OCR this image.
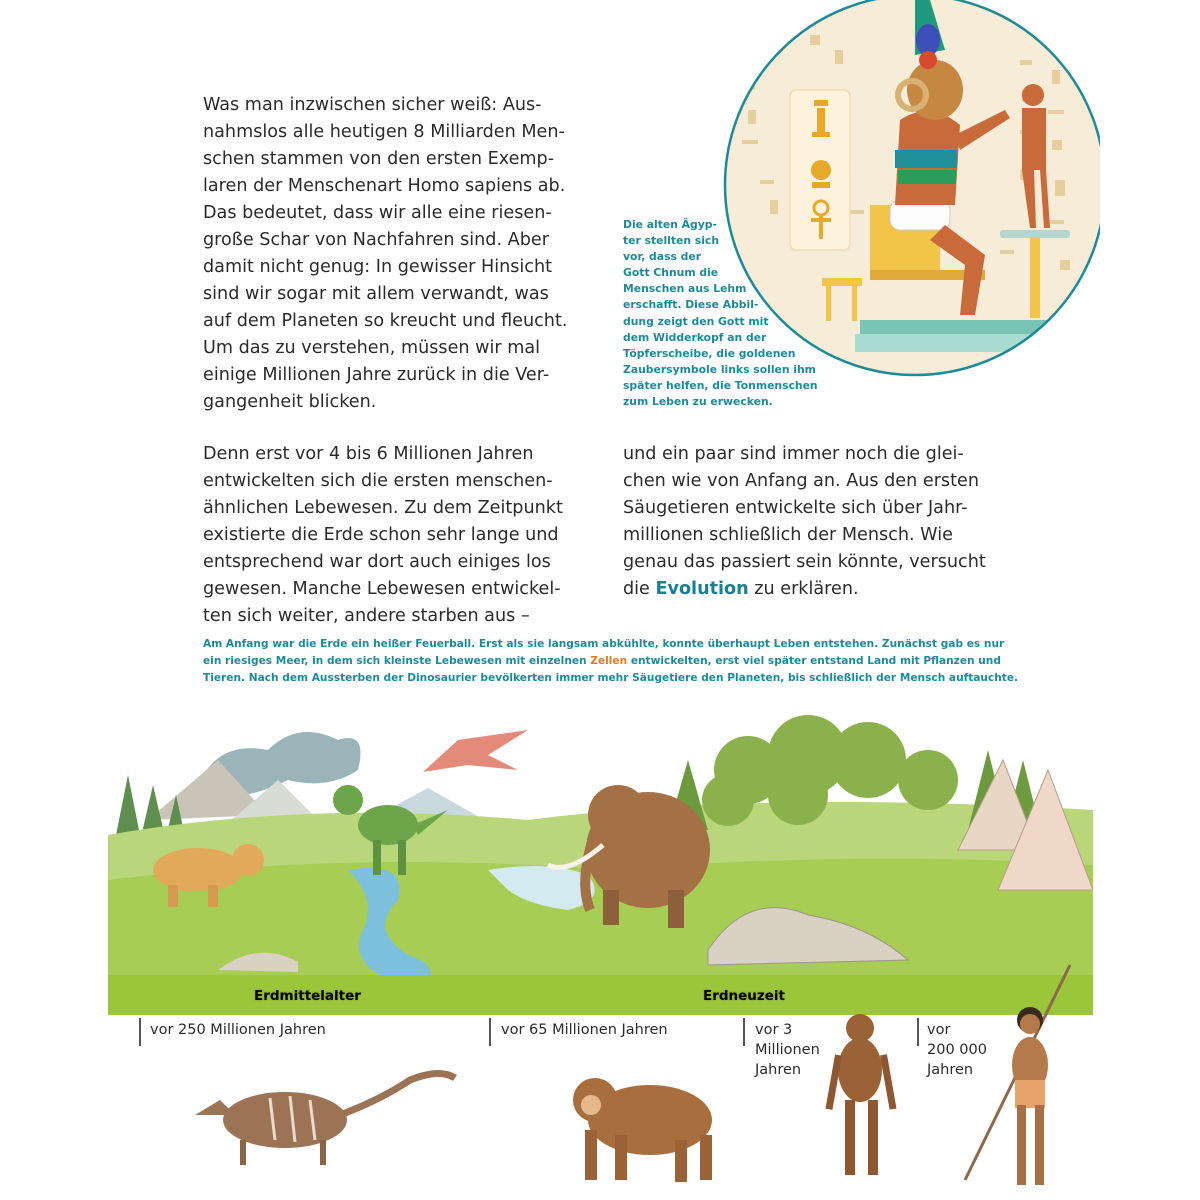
Was man inzwischen sicher weiß: Aus-
nahmslos alle heutigen 8 Milliarden Men-
schen stammen von den ersten Exemp-
laren der Menschenart Homo sapiens ab.
Das bedeutet, dass wir alle eine riesen-
große Schar von Nachfahren sind. Aber
damit nicht genug: In gewisser Hinsicht
sind wir sogar mit allem verwandt, was
auf dem Planeten so kreucht und fleucht.
Um das zu verstehen, müssen wir mal
einige Millionen Jahre zurück in die Ver-
gangenheit blicken.
Die alten Ägyp-
ter stellten sich
vor, dass der
Gott Chnum die
Menschen aus Lehm
erschafft. Diese Abbil-
dung zeigt den Gott mit
dem Widderkopf an der
Töpferscheibe, die goldenen
Zaubersymbole links sollen ihm
später helfen, die Tonmenschen
zum Leben zu erwecken.
Denn erst vor 4 bis 6 Millionen Jahren
entwickelten sich die ersten menschen-
ähnlichen Lebewesen. Zu dem Zeitpunkt
existierte die Erde schon sehr lange und
entsprechend war dort auch einiges los
gewesen. Manche Lebewesen entwickel-
ten sich weiter, andere starben aus –
und ein paar sind immer noch die glei-
chen wie von Anfang an. Aus den ersten
Säugetieren entwickelte sich über Jahr-
millionen schließlich der Mensch. Wie
genau das passiert sein könnte, versucht
die Evolution zu erklären.
Am Anfang war die Erde ein heißer Feuerball. Erst als sie langsam abkühlte, konnte überhaupt Leben entstehen. Zunächst gab es nur
ein riesiges Meer, in dem sich kleinste Lebewesen mit einzelnen Zellen entwickelten, erst viel später entstand Land mit Pflanzen und
Tieren. Nach dem Aussterben der Dinosaurier bevölkerten immer mehr Säugetiere den Planeten, bis schließlich der Mensch auftauchte.
Erdmittelalter	Erdneuzeit
vor 250 Millionen Jahren	vor 65 Millionen Jahren	vor 3
Millionen
Jahren
vor
200 000
Jahren
